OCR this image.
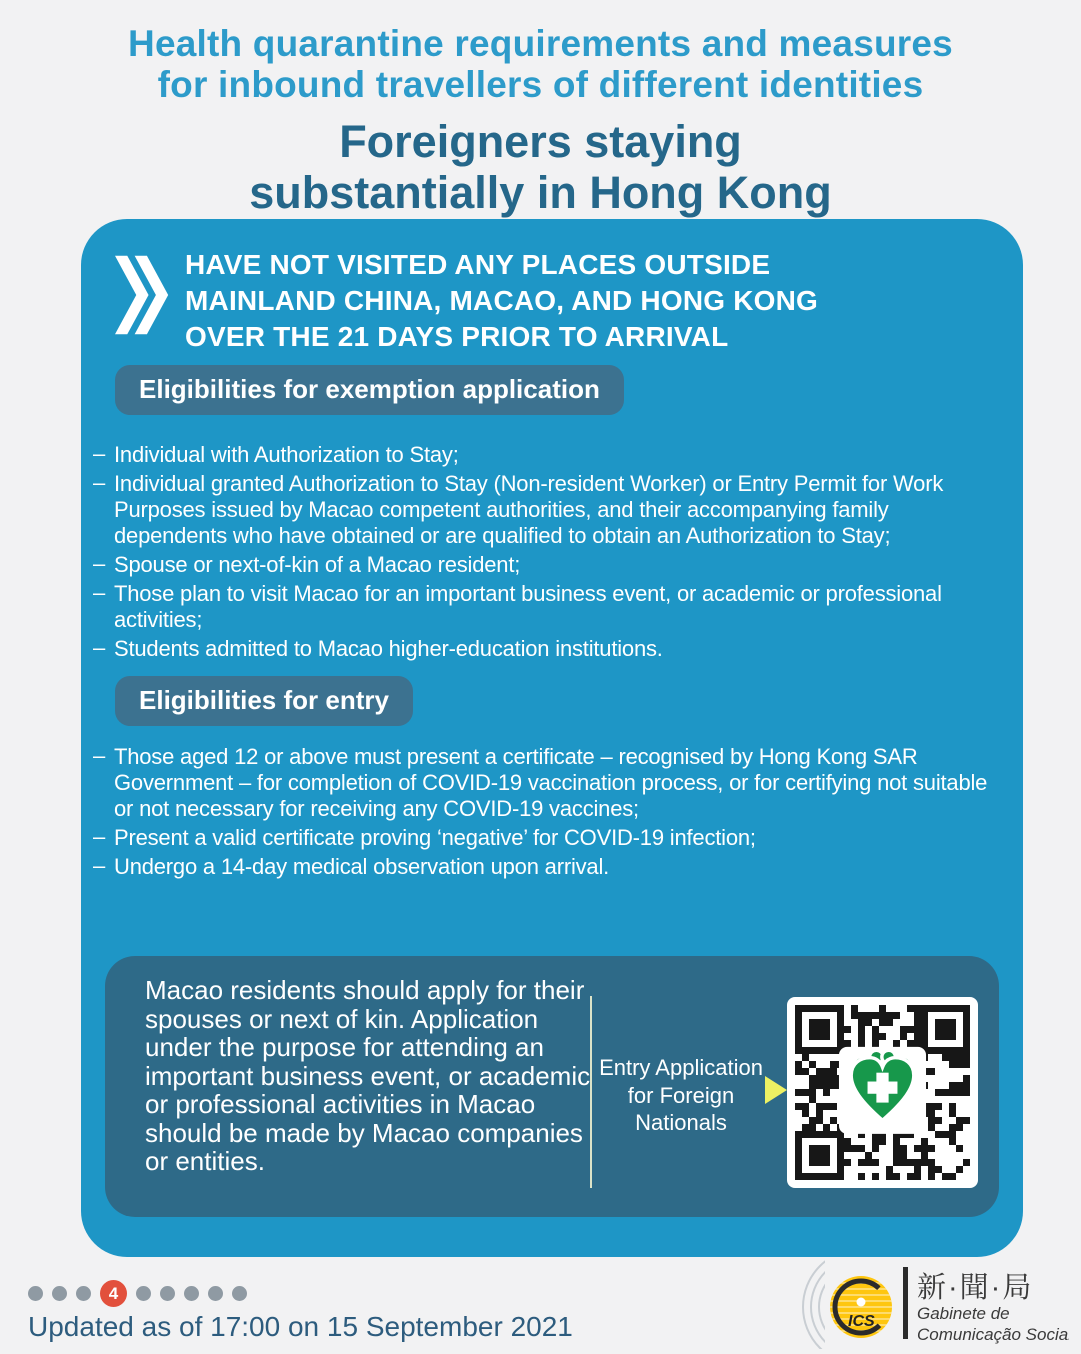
Health quarantine requirements and measures
for inbound travellers of different identities
Foreigners staying
substantially in Hong Kong
HAVE NOT VISITED ANY PLACES OUTSIDE
MAINLAND CHINA, MACAO, AND HONG KONG
OVER THE 21 DAYS PRIOR TO ARRIVAL
Eligibilities for exemption application
– Individual with Authorization to Stay;
– Individual granted Authorization to Stay (Non-resident Worker) or Entry Permit for Work Purposes issued by Macao competent authorities, and their accompanying family dependents who have obtained or are qualified to obtain an Authorization to Stay;
– Spouse or next-of-kin of a Macao resident;
– Those plan to visit Macao for an important business event, or academic or professional activities;
– Students admitted to Macao higher-education institutions.
Eligibilities for entry
– Those aged 12 or above must present a certificate – recognised by Hong Kong SAR Government – for completion of COVID-19 vaccination process, or for certifying not suitable or not necessary for receiving any COVID-19 vaccines;
– Present a valid certificate proving ‘negative’ for COVID-19 infection;
– Undergo a 14-day medical observation upon arrival.
Macao residents should apply for their spouses or next of kin. Application under the purpose for attending an important business event, or academic or professional activities in Macao should be made by Macao companies or entities.
Entry Application
for Foreign
Nationals
4
Updated as of 17:00 on 15 September 2021	ICS
新·聞·局
Gabinete de
Comunicação Social
